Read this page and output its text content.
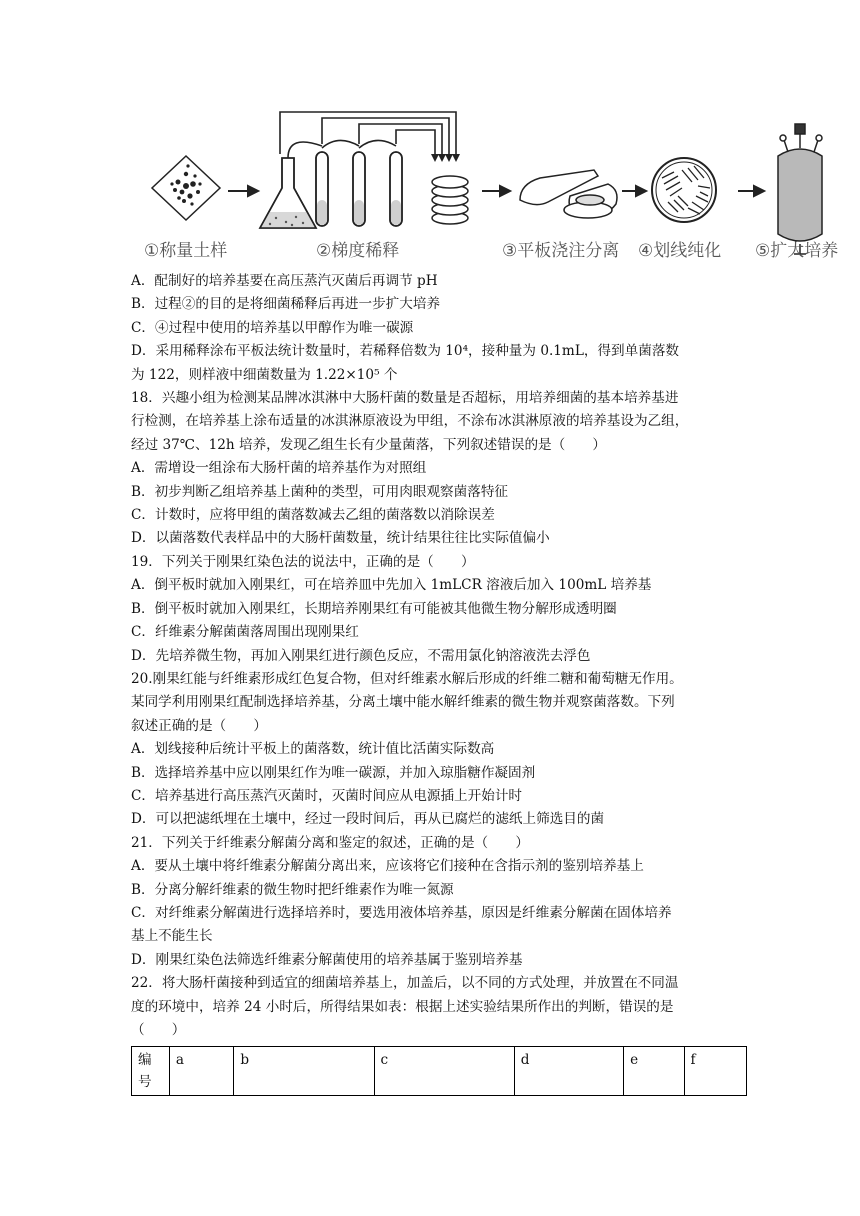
①称量土样	②梯度稀释	③平板浇注分离 ④划线纯化 ⑤扩大培养
A．配制好的培养基要在高压蒸汽灭菌后再调节 pH
B．过程②的目的是将细菌稀释后再进一步扩大培养
C．④过程中使用的培养基以甲醇作为唯一碳源
D．采用稀释涂布平板法统计数量时，若稀释倍数为 10⁴，接种量为 0.1mL，得到单菌落数
为 122，则样液中细菌数量为 1.22×10⁵ 个
18．兴趣小组为检测某品牌冰淇淋中大肠杆菌的数量是否超标，用培养细菌的基本培养基进
行检测，在培养基上涂布适量的冰淇淋原液设为甲组，不涂布冰淇淋原液的培养基设为乙组，
经过 37℃、12h 培养，发现乙组生长有少量菌落，下列叙述错误的是（　　）
A．需增设一组涂布大肠杆菌的培养基作为对照组
B．初步判断乙组培养基上菌种的类型，可用肉眼观察菌落特征
C．计数时，应将甲组的菌落数减去乙组的菌落数以消除误差
D．以菌落数代表样品中的大肠杆菌数量，统计结果往往比实际值偏小
19．下列关于刚果红染色法的说法中，正确的是（　　）
A．倒平板时就加入刚果红，可在培养皿中先加入 1mLCR 溶液后加入 100mL 培养基
B．倒平板时就加入刚果红，长期培养刚果红有可能被其他微生物分解形成透明圈
C．纤维素分解菌菌落周围出现刚果红
D．先培养微生物，再加入刚果红进行颜色反应，不需用氯化钠溶液洗去浮色
20.刚果红能与纤维素形成红色复合物，但对纤维素水解后形成的纤维二糖和葡萄糖无作用。
某同学利用刚果红配制选择培养基，分离土壤中能水解纤维素的微生物并观察菌落数。下列
叙述正确的是（　　）
A．划线接种后统计平板上的菌落数，统计值比活菌实际数高
B．选择培养基中应以刚果红作为唯一碳源，并加入琼脂糖作凝固剂
C．培养基进行高压蒸汽灭菌时，灭菌时间应从电源插上开始计时
D．可以把滤纸埋在土壤中，经过一段时间后，再从已腐烂的滤纸上筛选目的菌
21．下列关于纤维素分解菌分离和鉴定的叙述，正确的是（　　）
A．要从土壤中将纤维素分解菌分离出来，应该将它们接种在含指示剂的鉴别培养基上
B．分离分解纤维素的微生物时把纤维素作为唯一氮源
C．对纤维素分解菌进行选择培养时，要选用液体培养基，原因是纤维素分解菌在固体培养
基上不能生长
D．刚果红染色法筛选纤维素分解菌使用的培养基属于鉴别培养基
22．将大肠杆菌接种到适宜的细菌培养基上，加盖后，以不同的方式处理，并放置在不同温
度的环境中，培养 24 小时后，所得结果如表：根据上述实验结果所作出的判断，错误的是
（　　）
编号	a	b	c	d	e	f
